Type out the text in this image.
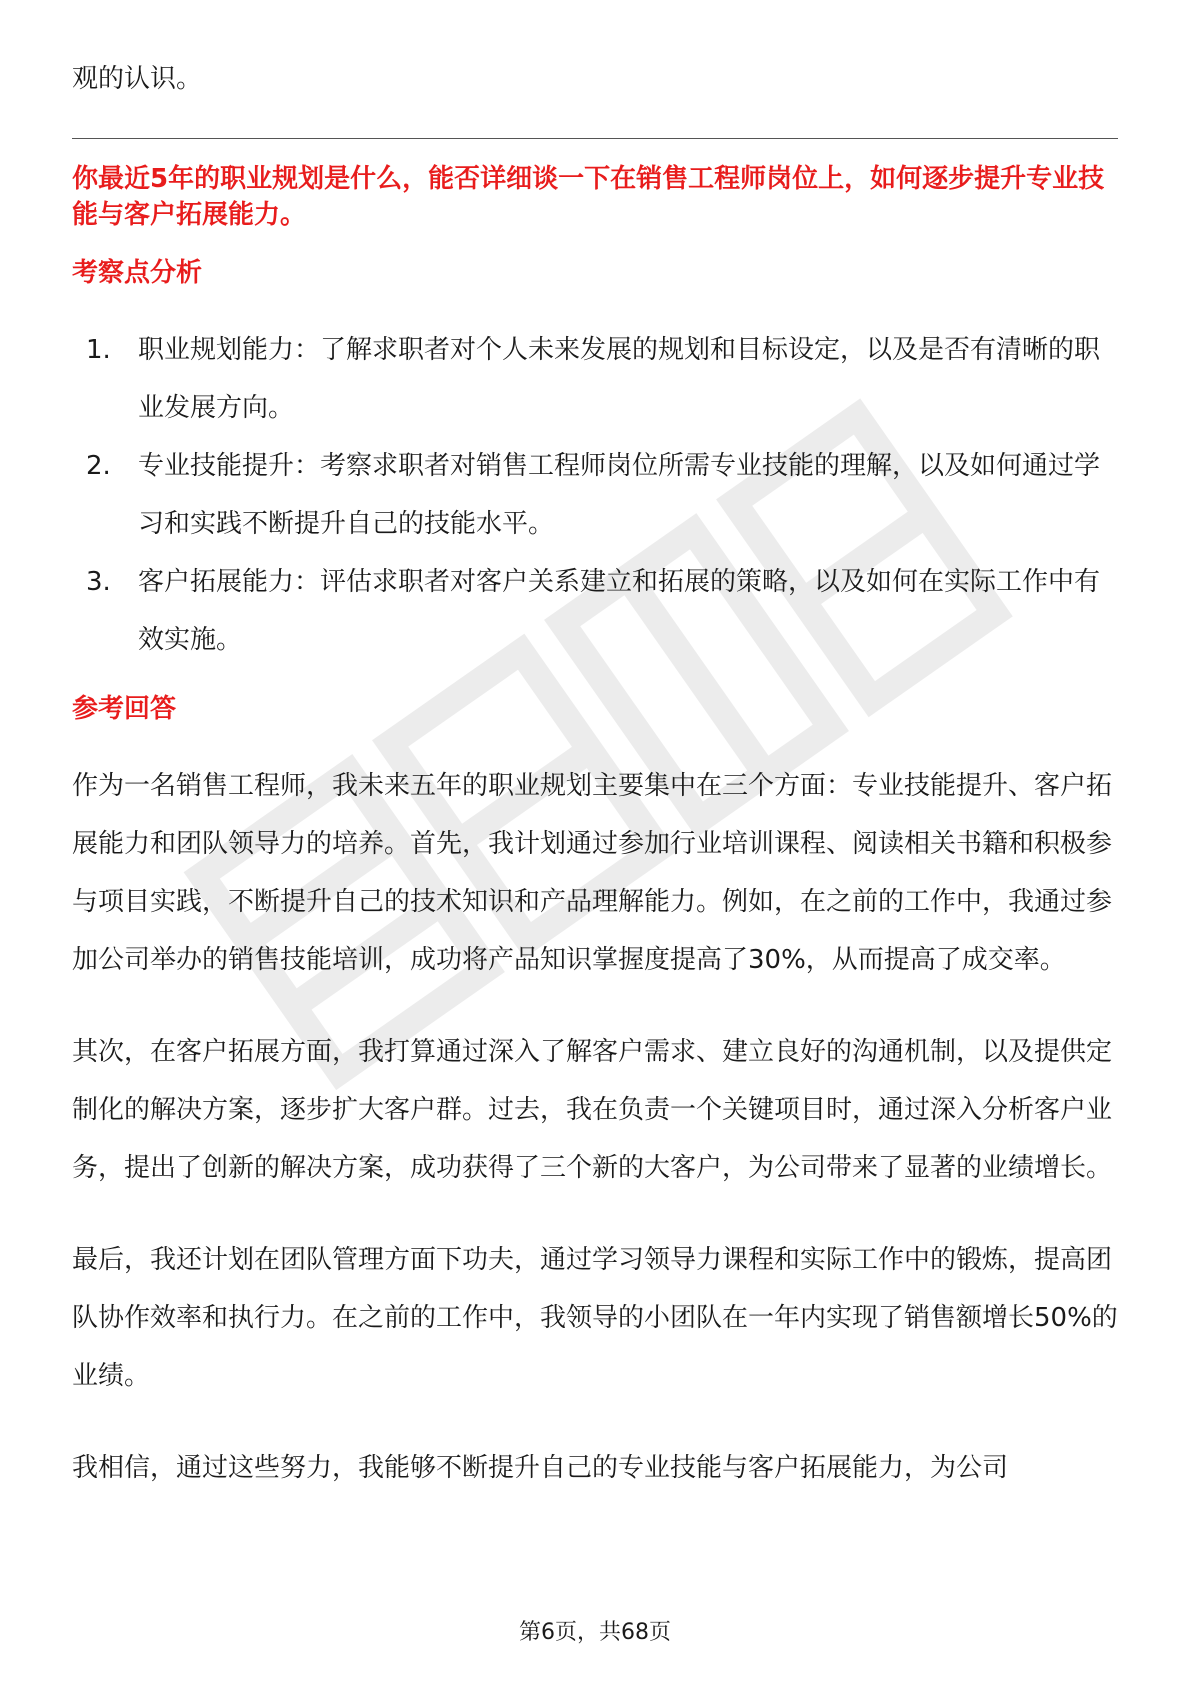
观的认识。

你最近5年的职业规划是什么，能否详细谈一下在销售工程师岗位上，如何逐步提升专业技能与客户拓展能力。

考察点分析

1.	职业规划能力：了解求职者对个人未来发展的规划和目标设定，以及是否有清晰的职业发展方向。
2.	专业技能提升：考察求职者对销售工程师岗位所需专业技能的理解，以及如何通过学习和实践不断提升自己的技能水平。
3.	客户拓展能力：评估求职者对客户关系建立和拓展的策略，以及如何在实际工作中有效实施。

参考回答

作为一名销售工程师，我未来五年的职业规划主要集中在三个方面：专业技能提升、客户拓展能力和团队领导力的培养。首先，我计划通过参加行业培训课程、阅读相关书籍和积极参与项目实践，不断提升自己的技术知识和产品理解能力。例如，在之前的工作中，我通过参加公司举办的销售技能培训，成功将产品知识掌握度提高了30%，从而提高了成交率。

其次，在客户拓展方面，我打算通过深入了解客户需求、建立良好的沟通机制，以及提供定制化的解决方案，逐步扩大客户群。过去，我在负责一个关键项目时，通过深入分析客户业务，提出了创新的解决方案，成功获得了三个新的大客户，为公司带来了显著的业绩增长。

最后，我还计划在团队管理方面下功夫，通过学习领导力课程和实际工作中的锻炼，提高团队协作效率和执行力。在之前的工作中，我领导的小团队在一年内实现了销售额增长50%的业绩。

我相信，通过这些努力，我能够不断提升自己的专业技能与客户拓展能力，为公司

第6页，共68页
